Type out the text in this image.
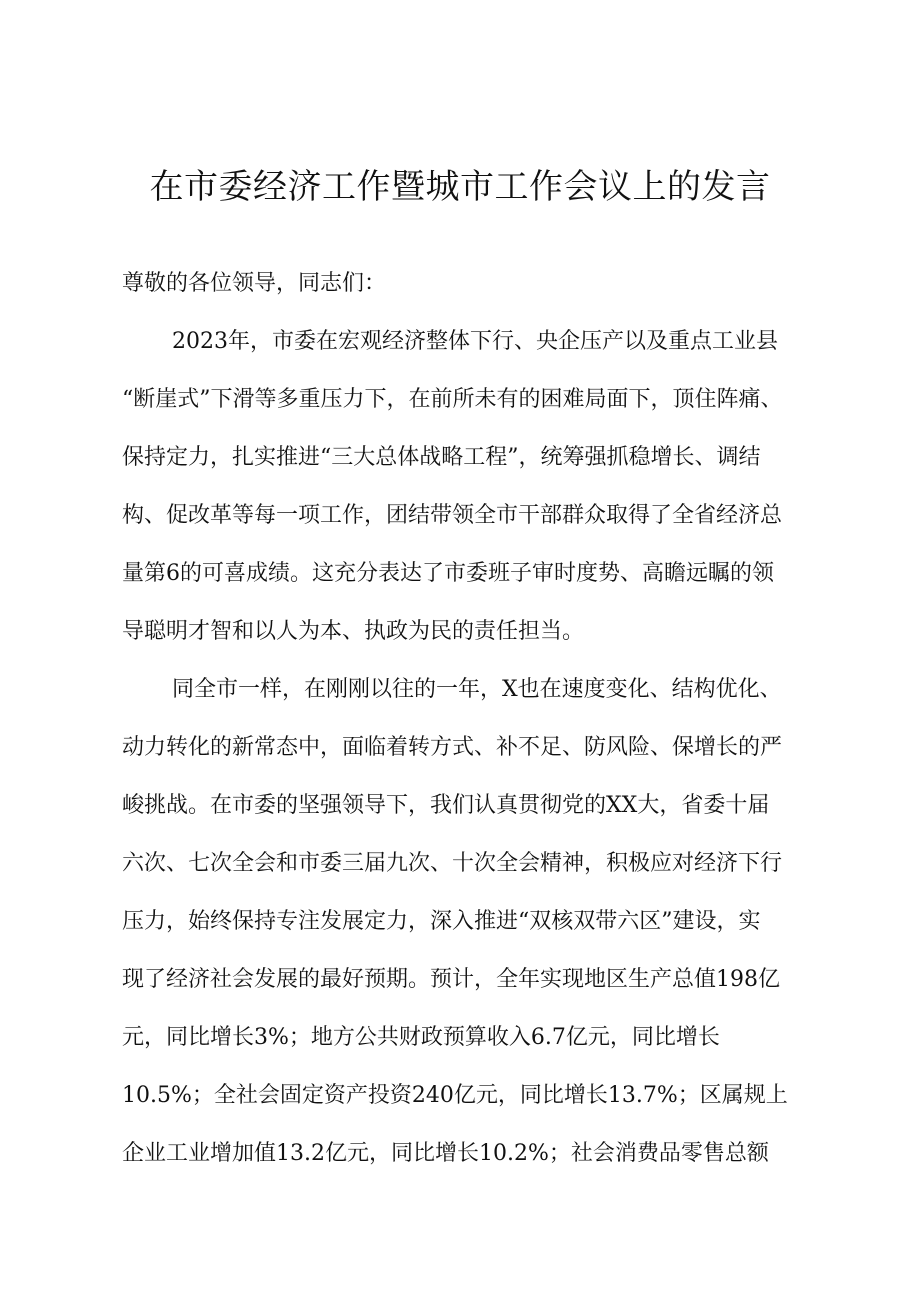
在市委经济工作暨城市工作会议上的发言
尊敬的各位领导，同志们：
2023年，市委在宏观经济整体下行、央企压产以及重点工业县
“断崖式”下滑等多重压力下，在前所未有的困难局面下，顶住阵痛、
保持定力，扎实推进“三大总体战略工程”，统筹强抓稳增长、调结
构、促改革等每一项工作，团结带领全市干部群众取得了全省经济总
量第6的可喜成绩。这充分表达了市委班子审时度势、高瞻远瞩的领
导聪明才智和以人为本、执政为民的责任担当。
同全市一样，在刚刚以往的一年，X也在速度变化、结构优化、
动力转化的新常态中，面临着转方式、补不足、防风险、保增长的严
峻挑战。在市委的坚强领导下，我们认真贯彻党的XX大，省委十届
六次、七次全会和市委三届九次、十次全会精神，积极应对经济下行
压力，始终保持专注发展定力，深入推进“双核双带六区”建设，实
现了经济社会发展的最好预期。预计，全年实现地区生产总值198亿
元，同比增长3%；地方公共财政预算收入6.7亿元，同比增长
10.5%；全社会固定资产投资240亿元，同比增长13.7%；区属规上
企业工业增加值13.2亿元，同比增长10.2%；社会消费品零售总额
